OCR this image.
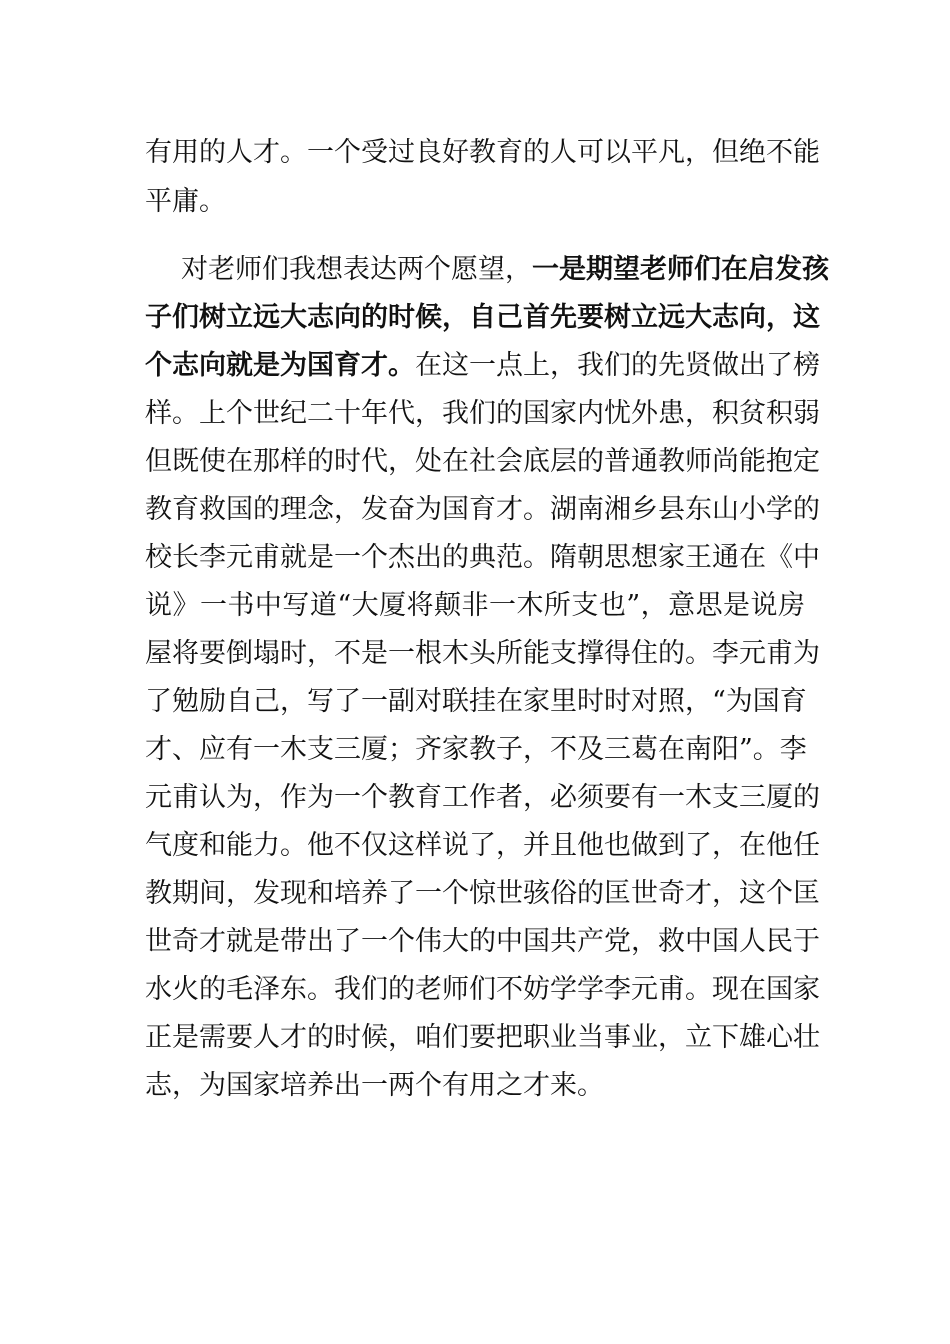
有用的人才。一个受过良好教育的人可以平凡，但绝不能
平庸。
对老师们我想表达两个愿望，一是期望老师们在启发孩
子们树立远大志向的时候，自己首先要树立远大志向，这
个志向就是为国育才。在这一点上，我们的先贤做出了榜
样。上个世纪二十年代，我们的国家内忧外患，积贫积弱
但既使在那样的时代，处在社会底层的普通教师尚能抱定
教育救国的理念，发奋为国育才。湖南湘乡县东山小学的
校长李元甫就是一个杰出的典范。隋朝思想家王通在《中
说》一书中写道“大厦将颠非一木所支也”，意思是说房
屋将要倒塌时，不是一根木头所能支撑得住的。李元甫为
了勉励自己，写了一副对联挂在家里时时对照，“为国育
才、应有一木支三厦；齐家教子，不及三葛在南阳”。李
元甫认为，作为一个教育工作者，必须要有一木支三厦的
气度和能力。他不仅这样说了，并且他也做到了，在他任
教期间，发现和培养了一个惊世骇俗的匡世奇才，这个匡
世奇才就是带出了一个伟大的中国共产党，救中国人民于
水火的毛泽东。我们的老师们不妨学学李元甫。现在国家
正是需要人才的时候，咱们要把职业当事业，立下雄心壮
志，为国家培养出一两个有用之才来。
